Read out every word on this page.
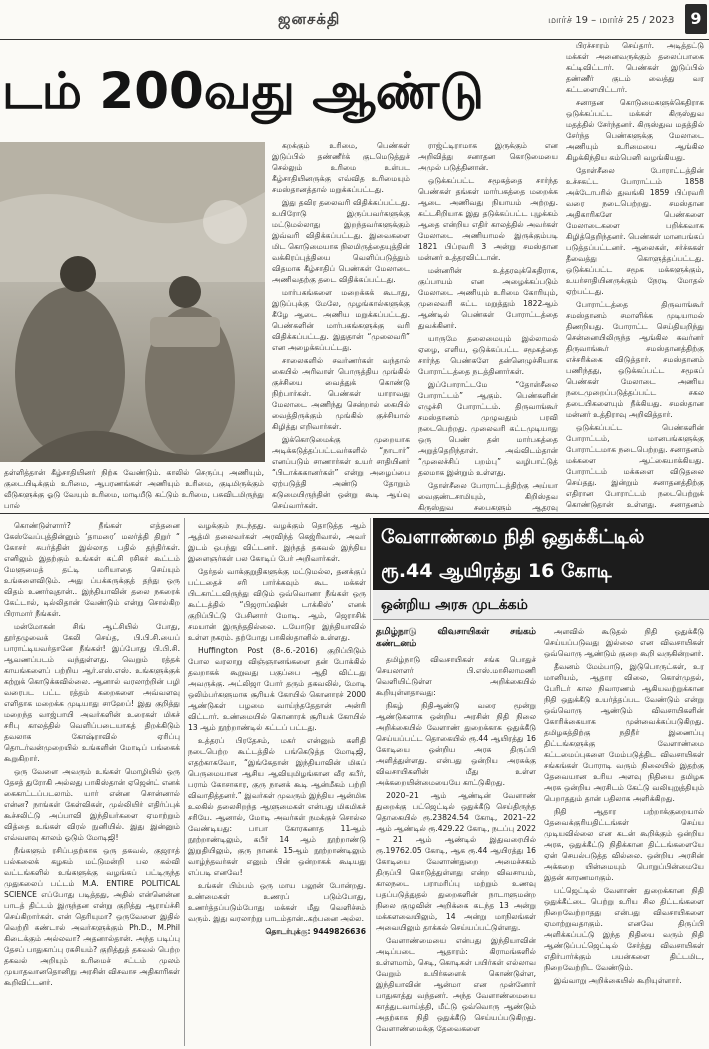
ஜனசக்தி	மார்ச் 19 – மார்ச் 25 / 2023	9
டம் 200வது ஆண்டு
தள்ளித்தான் கீழ்சாதியினர் நிற்க வேண்டும். காலில் செருப்பு அணியும், குடையிடிக்கும் உரிமை, ஆபரணங்கள் அணியும் உரிமை, குடிமிருக்கும் வீடுகளுக்கு ஓடு வேயும் உரிமை, மாடியீடு கட்டும் உரிமை, பசுவிடமிருந்து பால்

கறக்கும் உரிமை, பெண்கள் இடுப்பில் தண்ணீர்க் குடமெடுத்துச் செல்லும் உரிமை உள்பட கீழ்சாதியினருக்கு எவ்வித உரிமையும் சமஸ்தானத்தால் மறுக்கப்பட்டது.

இது தவிர தலைவரி விதிக்கப்பட்டது. உயிரோடு இருப்பவர்களுக்கு மட்டுமல்லாது இறந்தவர்களுக்கும் இவ்வரி விதிக்கப்பட்டது. இவைகளை மிட கொடுமையாக நிலமிருத்தையுத்தின் வக்கிரப்புத்தியை வெளிப்படுத்தும் விதமாக கீழ்சாதிப் பெண்கள் மேலாடை அணிவதற்கு தடை விதிக்கப்பட்டது.

மார்பகங்களை மறைக்கக் கூடாது, இடுப்புக்கு மேலே, முழங்கால்களுக்கு கீழே ஆடை அணிய மறுக்கப்பட்டது. பெண்களின் மார்பகங்களுக்கு வரி விதிக்கப்பட்டது. இதுதான் “முலைவரி” என அழைக்கப்பட்டது.

சாலைகளில் சவர்ணர்கள் வந்தால் கையில் அரிவாள் பொருத்திய முங்கில் குச்சியை வைத்துக் கொண்டு நிற்பார்கள். பெண்கள் யாராவது மேலாடை அணிந்து சென்றால் கையில் வைத்திருக்கும் முங்கில் குச்சியால் கிழித்து எறிவார்கள்.

இக்கொடுமைக்கு முறையாக அடிக்கடுத்தப்பட்டவர்களில் “நாடார்” எனப்படும் சாணார்கள் உயர் சாதியினர் “பிடாக்ககானர்கள்” என்று அழைப்பை ஏற்படுத்தி அண்டு தோறும் கடுமையிருந்தின் ஒன்று கூடி ஆய்வு செய்வார்கள்.

ராஜ்ட்டிராமாக இருக்கும் என அறிவித்து சனாதன கொடுமையை அமுல் படுத்தினான்.

ஒடுக்கப்பட்ட சமூகத்தை சார்ந்த பெண்கள் தங்கள் மார்பகத்தை மறைக்க ஆடை அணிவது நியாயம் அற்றது. சுட்டசிறியாக இது தடுக்கப்பட்ட புழக்கம் ஆதை என்றிய எதிர் காலத்தில் அவர்கள் மேலாடை அணியாமல் இருக்கும்படி 1821 பிப்ரவரி 3 அன்று சமஸ்தான மன்னர் உத்தரவிட்டான்.

மன்னரின் உத்தரவுக்கெதிராக, குப்பாயம் என அழைக்கப்படும் மேலாடை அணியும் உரிமை கோரியும், முலைவரி கட்ட மறுத்தும் 1822ஆம் ஆண்டில் பெண்கள் போராட்டத்தை துவக்கினர்.

யாருமே தலைமையும் இல்லாமல் ஏழை, எளிய, ஒடுக்கப்பட்ட சமூகத்தை சார்ந்த பெண்களே தன்னெழுச்சியாக போராட்டத்தை நடத்தினார்கள்.

இப்போராட்டமே “தோள்சீலை போராட்டம்” ஆகும். பெண்களின் எழுச்சி போராட்டம். திருவாங்கூர் சமஸ்தானம் முழுவதும் பரவி நடைபெற்றது. முலைவரி கட்டமுடியாது ஒரு பெண் தன் மார்பகத்தை அறுத்தெறிந்தாள். அவ்விடம்தான் “முலைச்சிப் பறம்பு” வழிபாட்டுத் தலமாக இன்றும் உள்ளது.

தோள்சீலை போராட்டத்திற்கு அய்யா வைகுண்டசாமியும், கிறிஸ்தவ கிருஸ்துவ சபைகளும் ஆதரவு

பிரச்சாரம் செய்தார். அடித்தட்டு மக்கள் அனைவருக்கும் தலைப்பாகை கட்டிவிட்டார். பெண்கள் இடுப்பில் தண்ணீர் குடம் வைத்து வர கட்டளையிட்டார்.

சனாதன கொடுமைகளுக்கெதிராக ஒடுக்கப்பட்ட மக்கள் கிருஸ்துவ மதத்தில் சேர்ந்தனர். கிருஸ்துவ மதத்தில் சேர்ந்த பெண்களுக்கு மேலாடை அணியும் உரிமையை ஆங்கில கிழக்கிந்திய கம்பெனி வழங்கியது.

தோள்சீலை போராட்டத்தின் உச்சகட்ட போராட்டம் 1858 அக்டோபரில் துவங்கி 1859 பிப்ரவரி வரை நடைபெற்றது. சமஸ்தான அதிகாரிகளே பெண்களை மேலாடைகளை பறிக்கவாக கிழித்தெறிந்தனர். பெண்கள் மானபங்கப் படுத்தப்பட்டனர். ஆலைகள், சர்ச்சுகள் தீவைத்து கொளுத்தப்பட்டது. ஒடுக்கப்பட்ட சமூக மக்களுக்கும், உயர்சாதியினருக்கும் நேரடி மோதல் ஏற்பட்டது.

போராட்டத்தை திருவாங்கூர் சமஸ்தானம் சமாளிக்க முடியாமல் திணறியது. போராட்ட செய்தியறிந்து சென்னையிலிருந்த ஆங்கில கவர்னர் திருவாங்கூர் சமஸ்தானத்திற்கு எச்சரிக்கை விடுத்தார். சமஸ்தானம் பணிந்தது, ஒடுக்கப்பட்ட சமூகப் பெண்கள் மேலாடை அணிய நடைமுறைப்படுத்தப்பட்ட சகல தடையிகளையும் நீக்கியது. சமஸ்தான மன்னர் உத்திராவு அறிவித்தார்.

ஒடுக்கப்பட்ட பெண்களின் போராட்டம், மானபங்களுக்கு போராட்டமாக நடைபெற்றது. சனாதனம் மக்களை ஆட்கையாக்கியது. போராட்டம் மக்களை விடுதலை செய்தது. இன்றும் சனாதனத்திற்கு எதிரான போராட்டம் நடைபெற்றுக் கொண்டுதான் உள்ளது. சனாதனம்

கொண்டுள்ளார்? நீங்கள் எத்தனை கேஸ்வேப்புத்தின்னும் ‘தாமரை’ மலர்த்தி திறுர் “ கோசர் சுபர்த்தின் இல்லாத பதில் தந்திர்கள். எனிலும் இதற்கும் உங்கள் கட்சி ரசிகர் கூட்டம் மேளுமைத் தட்டி மரியாதை செய்யும் உங்களைவிடும். அது ப்பக்கருக்குத் தந்து ஒரு விதம் உணர்வுதான்.. இந்தியாவின் தலை நகரைக் கேட்டால், டில்லிதான் வேண்டும் என்று சொல்கிற பிராமார் நீங்கள்.

மன்மோகன் சிங் ஆட்சியில் போது, தூர்தழுவைக் கேலி செய்த, பி.பி.சி.யைப் பாராட்டியவர்தானே நீங்கள்! இப்போது பி.பி.சி. ஆவணப்படம் வந்துள்ளது. வெறும் ரத்தக் காயங்களைப் பற்றிய ஆர்.எஸ்.எஸ். உங்களுக்குக் கற்றுக் கொடுக்கவில்லை. ஆனால் வரலாற்றின் பழி வரைபட பட்ட ரத்தம் கறைகளை அவ்வளவு எளிதாக மறைக்க முடியாது சாஹேப்! இது குறித்து மறைந்த வாஜ்பாயி அவர்களின் உரைகள் மிகச் சரிபு காலத்தில் வெளிப்படையாகத் திறக்கிடும் தவலாக கோஷ்ராவில் ஏரிப்பு தொடர்வன்முறையில் உங்களின் மோடிப் பங்கைக் கூறுகிறார்.

ஒரு வேளை அவரும் உங்கள் மொழியில் ஒரு தேசத் துரோகி அல்லது பாகிஸ்தான் ஏஜென்ட் எனக் கைகாட்டப்படலாம். யார் என்ன சொன்னால் என்ன? நாங்கள் கேள்விகள், முல்லியிர் எதிர்ப்புக் கூச்சலிட்டு அப்பாவி இந்தியர்களை ஏமாற்றும் வித்தை உங்கள் விரல் நுனியில். இது இன்னும் எவ்வளவு காலம் ஓடும் மோடிஜி!

நீங்களும் ரசிப்பதற்காக ஒரு தகவல், குஜராத் பல்கலைக் கழகம் மட்டுமன்றி பல கல்வி வட்டங்களில் உங்களுக்கு வழங்கப் பட்டிருந்த முதுகலைப் பட்டம் M.A. ENTIRE POLITICAL SCIENCE எப்போது படித்தது, அதில் என்னென்ன பாடத் திட்டம் இருந்தன என்று குறித்து ஆராய்ச்சி செய்கிறார்கள். என் தெரியுமா? ஒருவேளை இதில் வெற்றி கண்டால் அவர்களுக்கும் Ph.D., M.Phil கிடைக்கும் அல்லவா? அதனால்தான். அந்த படிப்பு தேசப் பாதுகாப்பு ரகசியம்? குறித்துத் தகவல் பெற்ற தகவல் அறியும் உரிமைச் சட்டம் முலம் முயாதவானதொனிநு அரசின் விசவாச அதிகாரிகள் கூறிவிட்டனர்.

வழக்கும் நடந்தது. வழக்கும் தொடுத்த ஆம் ஆத்மி தலைவர்கள் அரவிந்த் கெஜ்ரிவால், அவர் இடம் ஒபந்து விட்டனர். இந்தத் தகவல் இந்திய இளைஞர்கள் பல கோடிப் பேர் அறிவார்கள்.

தேர்தல் வாக்குறுதிகளுக்கு மட்டுமல்ல, தனக்குப் பட்டதைச் சரி பார்க்கவும் கூட மக்கள் பிடகாட்டவிருந்து விடும் ஒவ்வொனா நீங்கள் ஒரு கூட்டத்தில் “பிஜராப்ஷின் டாக்கிஸ்’ எனக் குறிப்பிட்டு பேசினார் மோடி. ஆம், ஜெராசிக் சமயான் இருந்ததில்லை. டயோடுர இந்தியாவில் உள்ள நகரம். தற்போது பாகிஸ்தானில் உள்ளது.

Huffington Post (8-.6.-2016) குறிப்பிடும் போல வரலாறு விஞ்ஞானங்களை தன் போக்கில் தவறாகக் கூறுவது பகுப்பை ஆதி விட்டது அவருக்கு. அட்லிஜா போர் தரும் தகவலில், மோடி ஒலிம்பர்களுமாக சூரியக் கோயில் கொனாரச் 2000 ஆண்டுகள் பழமை வாய்ந்ததேதான் அன்ரி விட்டார். உண்மையில் கொனாரக் சூரியக் கோயில் 13 ஆம் நூற்றாண்டில் கட்டப் பட்டது.

உத்தரப் பிரதேசம், மகர் என்னும் களிதி நடைபெற்ற கூட்டத்தில் பங்கெடுத்த மோடிஜி, எதற்காகவோ, “இங்கேதான் இந்தியாவின் மிகப் பெருமையான ஆசிய ஆவியுமிழங்கான வீர கபீர், பராம் கோசாகார, குரு நானக் கூடி ஆன்மீகம் பற்றி விவாதித்தனர்.” இவர்கள் முவரும் இந்திய ஆன்மிக உலகில் தலைசிறந்த ஆளுமைகள் என்பது மிகமிகச் சரியே. ஆனால், மோடி அவர்கள் நமக்குச் சொல்ல வேண்டியது: பாபா கோரகனாத 11ஆம் நூற்றாண்டிலும், கபீர் 14 ஆம் நூற்றாண்டு இறுதியிலும், குரு நானக் 15ஆம் நூற்றாண்டிலும் வாழ்ந்தவர்கள் எனும் பின் ஒன்றாகக் கூடியது எப்படி எனவே!

உங்கள் பிம்பம் ஒரு மாய பலூன் போன்றது. உண்மைகள் உணரப் படும்போது, உணர்த்தப்படும்போது மக்கள் மீது வெளிச்சம் வரும். இது வரலாற்று பாடம்தான்..கற்பனை அல்ல.

தொடர்புக்கு: 9449826636

வேளாண்மை நிதி ஒதுக்கீட்டில்
ரூ.44 ஆயிரத்து 16 கோடி
ஒன்றிய அரசு முடக்கம்

தமிழ்நாடு விவசாயிகள் சங்கம் கண்டனம்

தமிழ்நாடு விவசாயிகள் சங்க பொதுச் செயலாளர் பி.எஸ்.மாசிலாமணி வெளியிட்டுள்ள அறிக்கையில் கூறியுள்ளதாவது:

நிகழ் நிதிஆண்டு வரை மூன்று ஆண்டுகளாக ஒன்றிய அரசின் நிதி நிலை அறிக்கையில் வேளாண் துறைக்காக ஒதுக்கீடு செய்யப்பட்ட தொகையில் ரூ.44 ஆயிரத்து 16 கோடியை ஒன்றிய அரசு திருப்பி அளித்துள்ளது. என்பது ஒன்றிய அரசுக்கு விவசாயிகளின் மீது உள்ள அக்கறையின்மையையே காட்டுகிறது.

2020–21 ஆம் ஆண்டின் வேளாண் துறைக்கு பட்ஜெட்டில் ஒதுக்கீடு செய்திருந்த தொகையில் ரூ.23824.54 கோடி, 2021–22 ஆம் ஆண்டில் ரூ.429.22 கோடி, நடப்பு 2022 – 21 ஆம் ஆண்டில் இதுவரையில் ரூ.19762.05 கோடி, ஆக ரூ.44 ஆயிரத்து 16 கோடியை வேளாண்துறை அமைச்சகம் திருப்பி கொடுத்துள்ளது என்ற விவசாயம், காலநடை பராமரிப்பு மற்றும் உணவு பதப்படுத்துதல் துறைகளின் நாடாளுமன்ற நிலை குழுவின் அறிக்கை கடந்த 13 அன்று மக்களவையிலும், 14 அன்று மாநிலங்கள் அவையிலும் தாக்கல் செய்யப்பட்டுள்ளது.

வேளாண்மையை என்பது இந்தியாவின் அடிப்படை ஆதாரம்: கிராமங்களில் உள்ளமாம், செடி, கொடிகள் பயிர்கள் எல்லாவ வேறும் உயிர்களைக் கொண்டுள்ள, இந்தியாவின் ஆன்மா என முன்னோர் பாதுகாத்து வந்தனர். அந்த வேளாண்மையை காத்துடவாய்த்தி, மீட்டு ஒவ்வொரு ஆண்டும் அதற்காக நிதி ஒதுக்கீடு செய்யப்படுகிறது. வேளாண்மைக்கு தேவைகளை

அளவில் கூடுதல் நிதி ஒதுக்கீடு செய்யப்படுவது இல்லை என விவசாயிகள் ஒவ்வொரு ஆண்டும் குறை கூறி வருகின்றனர்.

தீவனம் மேம்பாடு, இடுபொருட்கள், உர மானியம், ஆதார விலை, கொள்முதல், பேரிடர் கால நிவாரணம் ஆகியவற்றுக்கான நிதி ஒதுக்கீடு உயர்த்தப்பட வேண்டும் என்று ஒவ்வொரு ஆண்டும் விவசாயிகளின் கோரிக்கையாக முன்வைக்கப்படுகிறது. தமிழகத்திற்கு நதிநீர் இணைப்பு திட்டங்களுக்கு வேளாண்மை கட்டமைப்புகளை மேம்படுத்திட விவசாயிகள் சங்கங்கள் போராடி வரும் நிலையில் இதற்கு தேவையான உரிய அளவு நிதியை தமிழக அரசு ஒன்றிய அரசிடம் கேட்டு வலியுறுத்தியும் பெறாததும் தான் பதிலாக அளிக்கிறது.

நிதி ஆதார பற்றாக்குறையால் தேவைக்குரியதிட்டங்கள் செய்ய முடியவில்லை என கடன் கூறிக்கும் ஒன்றிய அரசு, ஒதுக்கீட்டு நிதிக்கான திட்டங்களையே ஏன் செயல்படுத்த வில்லை. ஒன்றிய அரசின் அக்கறை யின்மையும் பொறுப்பின்மையே இதன் காரணமாகும்.

பட்ஜெட்டில் வேளாண் துறைக்கான நிதி ஒதுக்கீட்டை பெற்று உரிய சில திட்டங்களை நிறைவேற்றாதது என்பது விவசாயிகளை ஏமாற்றுவதாகும். எனவே திருப்பி அளிக்கப்பட்டு இந்த நிதியை வரும் நிதி ஆண்டுப்பட்ஜெட்டில் சேர்த்து விவசாயிகள் எதிர்பார்க்கும் பயன்களை திட்டமிட, நிறைவேற்றிட வேண்டும்.

இவ்வாறு அறிக்கையில் கூறியுள்ளார்.
